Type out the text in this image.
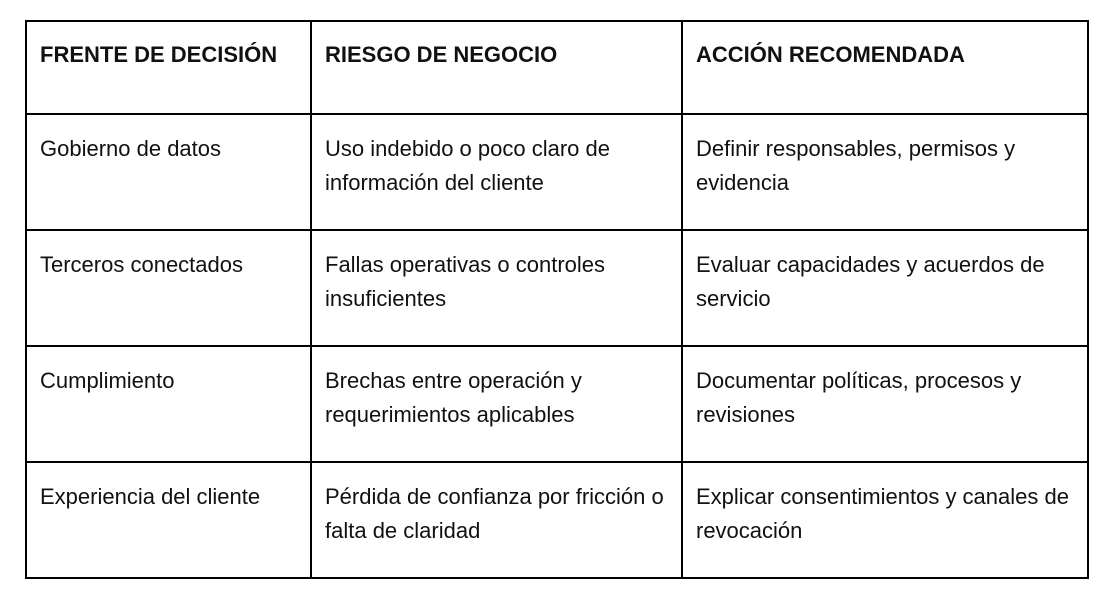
FRENTE DE DECISIÓN	RIESGO DE NEGOCIO	ACCIÓN RECOMENDADA
Gobierno de datos	Uso indebido o poco claro de información del cliente	Definir responsables, permisos y evidencia
Terceros conectados	Fallas operativas o controles insuficientes	Evaluar capacidades y acuerdos de servicio
Cumplimiento	Brechas entre operación y requerimientos aplicables	Documentar políticas, procesos y revisiones
Experiencia del cliente	Pérdida de confianza por fricción o falta de claridad	Explicar consentimientos y canales de revocación
